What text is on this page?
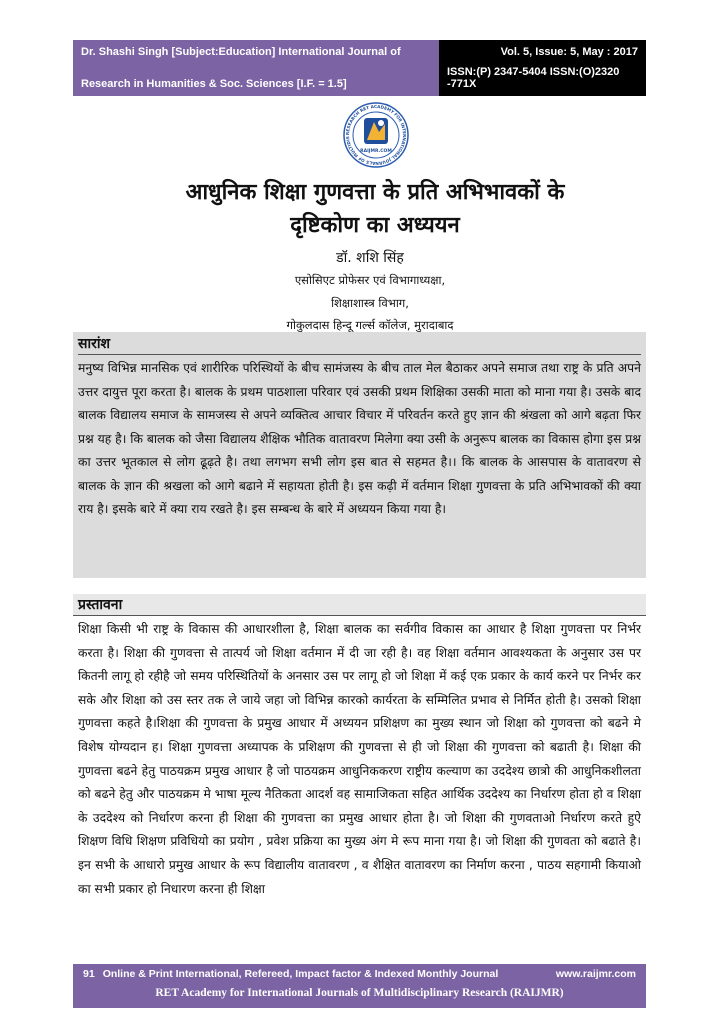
Dr. Shashi Singh [Subject:Education] International Journal of
Research in Humanities & Soc. Sciences [I.F. = 1.5]
Vol. 5, Issue: 5, May : 2017
ISSN:(P) 2347-5404 ISSN:(O)2320 -771X
RESEARCH RET ACADEMY FOR INTERNATIONAL JOURNALS OF MULTIDIS
RAIJMR.COM
आधुनिक शिक्षा गुणवत्ता के प्रति अभिभावकों के
दृष्टिकोण का अध्ययन
डॉ. शशि सिंह
एसोसिएट प्रोफेसर एवं विभागाध्यक्षा,
शिक्षाशास्त्र विभाग,
गोकुलदास हिन्दू गर्ल्स कॉलेज, मुरादाबाद
सारांश
मनुष्य विभिन्न मानसिक एवं शारीरिक परिस्थियों के बीच सामंजस्य के बीच ताल मेल बैठाकर अपने समाज तथा राष्ट्र के प्रति अपने उत्तर दायुत्त पूरा करता है। बालक के प्रथम पाठशाला परिवार एवं उसकी प्रथम शिक्षिका उसकी माता को माना गया है। उसके बाद बालक विद्यालय समाज के सामजस्य से अपने व्यक्तित्व आचार विचार में परिवर्तन करते हुए ज्ञान की श्रंखला को आगे बढ़ता फिर प्रश्न यह है। कि बालक को जैसा विद्यालय शैक्षिक भौतिक वातावरण मिलेगा क्या उसी के अनुरूप बालक का विकास होगा इस प्रश्न का उत्तर भूतकाल से लोग ढूढ़ते है। तथा लगभग सभी लोग इस बात से सहमत है।। कि बालक के आसपास के वातावरण से बालक के ज्ञान की श्रखला को आगे बढाने में सहायता होती है। इस कढ़ी में वर्तमान शिक्षा गुणवत्ता के प्रति अभिभावकों की क्या राय है। इसके बारे में क्या राय रखते है। इस सम्बन्ध के बारे में अध्ययन किया गया है।
प्रस्तावना
शिक्षा किसी भी राष्ट्र के विकास की आधारशीला है, शिक्षा बालक का सर्वगीव विकास का आधार है शिक्षा गुणवत्ता पर निर्भर करता है। शिक्षा की गुणवत्ता से तात्पर्य जो शिक्षा वर्तमान में दी जा रही है। वह शिक्षा वर्तमान आवश्यकता के अनुसार उस पर कितनी लागू हो रहीहै जो समय परिस्थितियों के अनसार उस पर लागू हो जो शिक्षा में कई एक प्रकार के कार्य करने पर निर्भर कर सके और शिक्षा को उस स्तर तक ले जाये जहा जो विभिन्न कारको कार्यरता के सम्मिलित प्रभाव से निर्मित होती है। उसको शिक्षा गुणवत्ता कहते है।शिक्षा की गुणवत्ता के प्रमुख आधार में अध्ययन प्रशिक्षण का मुख्य स्थान जो शिक्षा को गुणवत्ता को बढने मे विशेष योग्यदान ह। शिक्षा गुणवत्ता अध्यापक के प्रशिक्षण की गुणवत्ता से ही जो शिक्षा की गुणवत्ता को बढाती है। शिक्षा की गुणवत्ता बढने हेतु पाठयक्रम प्रमुख आधार है जो पाठयक्रम आधुनिककरण राष्ट्रीय कल्याण का उददेश्य छात्रो की आधुनिकशीलता को बढने हेतु और पाठयक्रम मे भाषा मूल्य नैतिकता आदर्श वह सामाजिकता सहित आर्थिक उददेश्य का निर्धारण होता हो व शिक्षा के उददेश्य को निर्धारण करना ही शिक्षा की गुणवत्ता का प्रमुख आधार होता है। जो शिक्षा की गुणवताओ निर्धारण करते हुऐ शिक्षण विधि शिक्षण प्रविधियो का प्रयोग , प्रवेश प्रक्रिया का मुख्य अंग मे रूप माना गया है। जो शिक्षा की गुणवता को बढाते है। इन सभी के आधारो प्रमुख आधार के रूप विद्यालीय वातावरण , व शैक्षित वातावरण का निर्माण करना , पाठय सहगामी कियाओ का सभी प्रकार हो निधारण करना ही शिक्षा
91 Online & Print International, Refereed, Impact factor & Indexed Monthly Journal	www.raijmr.com
RET Academy for International Journals of Multidisciplinary Research (RAIJMR)
